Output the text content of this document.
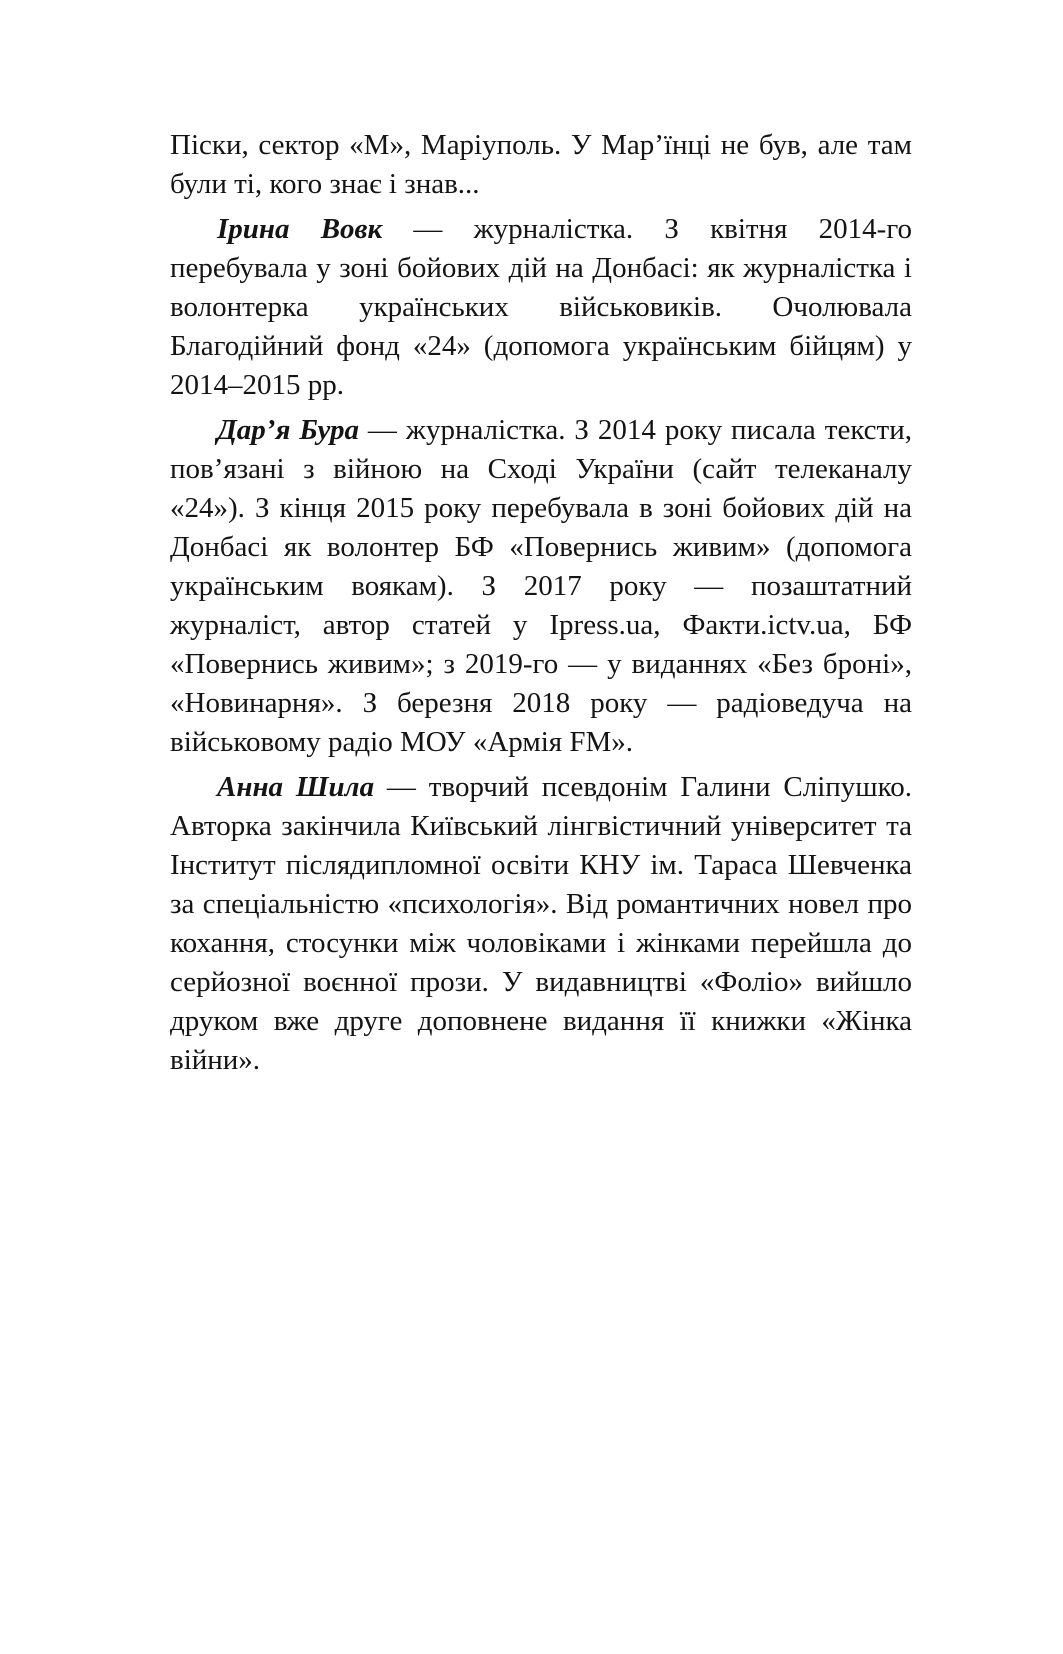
Піски, сектор «М», Маріуполь. У Мар’їнці не був, але там були ті, кого знає і знав...

Ірина Вовк — журналістка. З квітня 2014-го перебувала у зоні бойових дій на Донбасі: як журналістка і волонтерка українських військовиків. Очолювала Благодійний фонд «24» (допомога українським бійцям) у 2014–2015 рр.

Дар’я Бура — журналістка. З 2014 року писала тексти, пов’язані з війною на Сході України (сайт телеканалу «24»). З кінця 2015 року перебувала в зоні бойових дій на Донбасі як волонтер БФ «Повернись живим» (допомога українським воякам). З 2017 року — позаштатний журналіст, автор статей у Ipress.ua, Факти.ictv.ua, БФ «Повернись живим»; з 2019-го — у виданнях «Без броні», «Новинарня». З березня 2018 року — радіоведуча на військовому радіо МОУ «Армія FM».

Анна Шила — творчий псевдонім Галини Сліпушко. Авторка закінчила Київський лінгвістичний університет та Інститут післядипломної освіти КНУ ім. Тараса Шевченка за спеціальністю «психологія». Від романтичних новел про кохання, стосунки між чоловіками і жінками перейшла до серйозної воєнної прози. У видавництві «Фоліо» вийшло друком вже друге доповнене видання її книжки «Жінка війни».
